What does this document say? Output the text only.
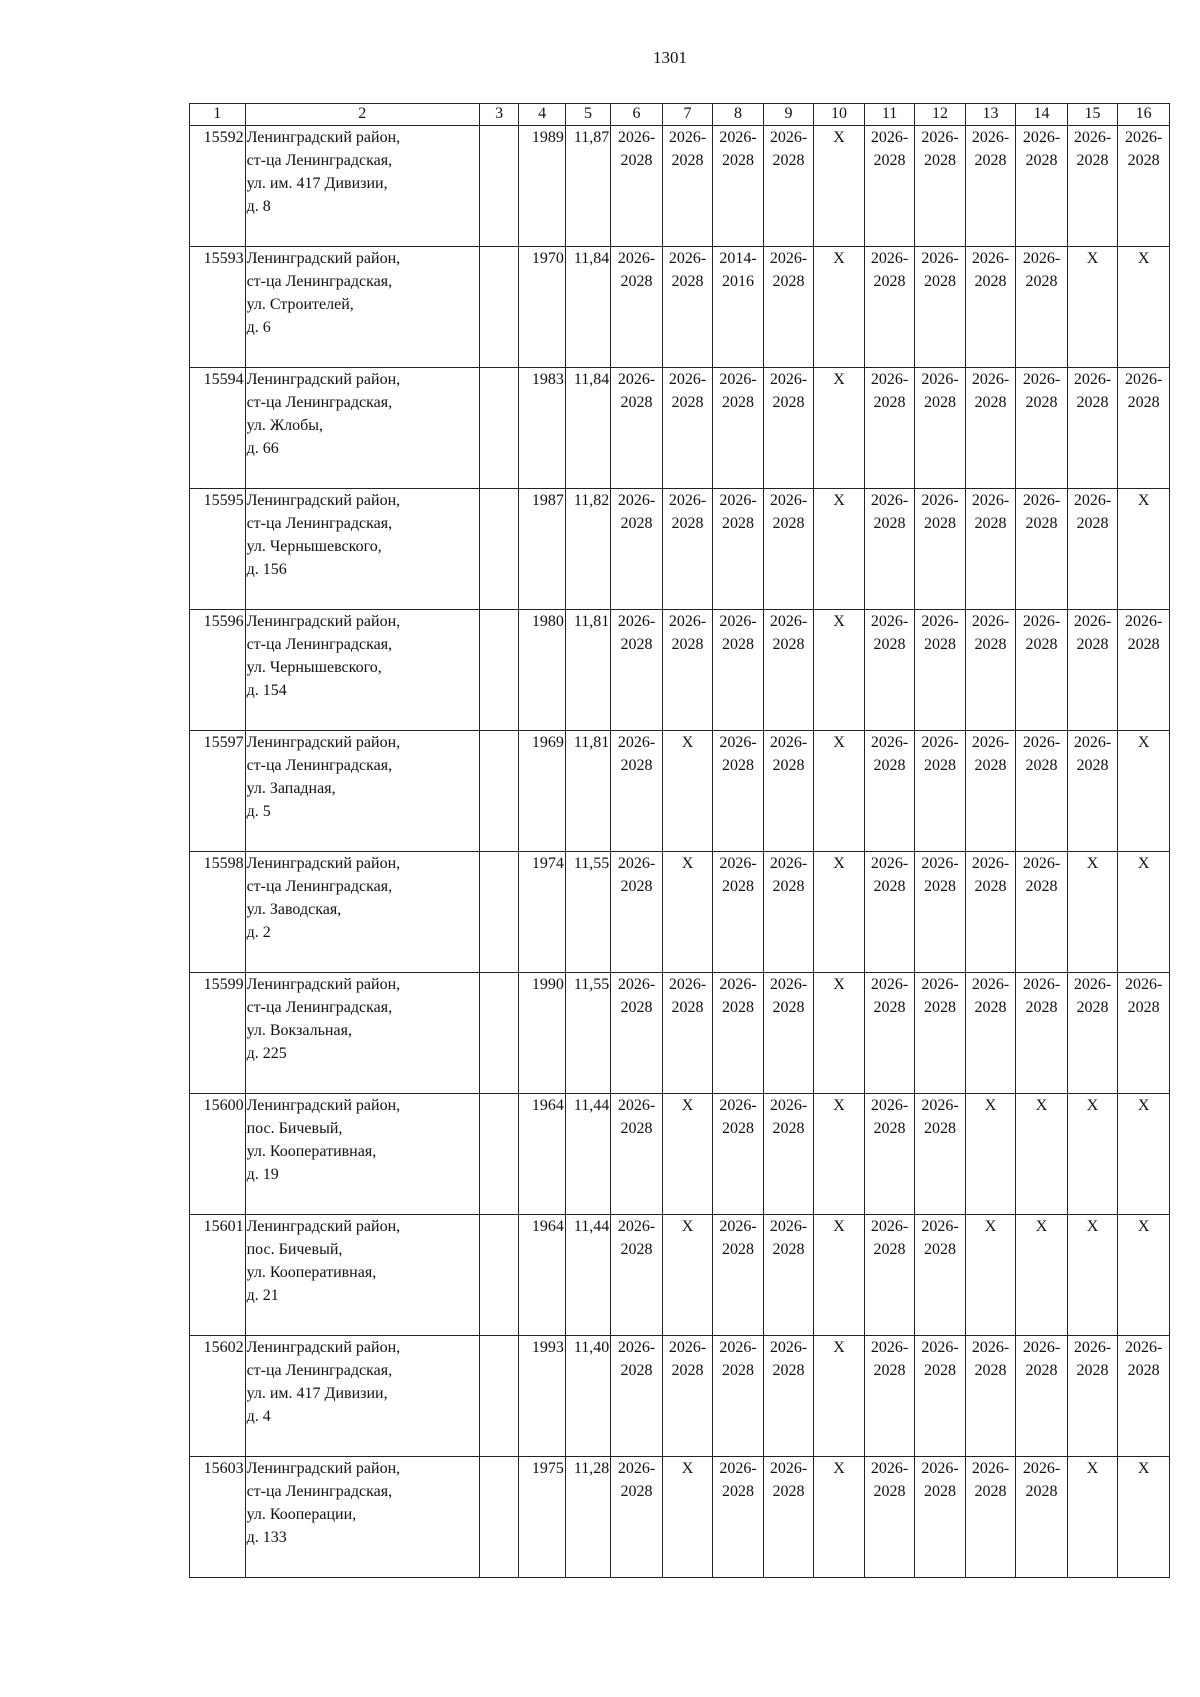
1301
1	2	3	4	5	6	7	8	9	10	11	12	13	14	15	16
15592	Ленинградский район,
ст-ца Ленинградская,
ул. им. 417 Дивизии,
д. 8		1989	11,87	2026-
2028	2026-
2028	2026-
2028	2026-
2028	Х	2026-
2028	2026-
2028	2026-
2028	2026-
2028	2026-
2028	2026-
2028

15593	Ленинградский район,
ст-ца Ленинградская,
ул. Строителей,
д. 6		1970	11,84	2026-
2028	2026-
2028	2014-
2016	2026-
2028	Х	2026-
2028	2026-
2028	2026-
2028	2026-
2028	Х	Х

15594	Ленинградский район,
ст-ца Ленинградская,
ул. Жлобы,
д. 66		1983	11,84	2026-
2028	2026-
2028	2026-
2028	2026-
2028	Х	2026-
2028	2026-
2028	2026-
2028	2026-
2028	2026-
2028	2026-
2028

15595	Ленинградский район,
ст-ца Ленинградская,
ул. Чернышевского,
д. 156		1987	11,82	2026-
2028	2026-
2028	2026-
2028	2026-
2028	Х	2026-
2028	2026-
2028	2026-
2028	2026-
2028	2026-
2028	Х

15596	Ленинградский район,
ст-ца Ленинградская,
ул. Чернышевского,
д. 154		1980	11,81	2026-
2028	2026-
2028	2026-
2028	2026-
2028	Х	2026-
2028	2026-
2028	2026-
2028	2026-
2028	2026-
2028	2026-
2028

15597	Ленинградский район,
ст-ца Ленинградская,
ул. Западная,
д. 5		1969	11,81	2026-
2028	Х	2026-
2028	2026-
2028	Х	2026-
2028	2026-
2028	2026-
2028	2026-
2028	2026-
2028	Х

15598	Ленинградский район,
ст-ца Ленинградская,
ул. Заводская,
д. 2		1974	11,55	2026-
2028	Х	2026-
2028	2026-
2028	Х	2026-
2028	2026-
2028	2026-
2028	2026-
2028	Х	Х

15599	Ленинградский район,
ст-ца Ленинградская,
ул. Вокзальная,
д. 225		1990	11,55	2026-
2028	2026-
2028	2026-
2028	2026-
2028	Х	2026-
2028	2026-
2028	2026-
2028	2026-
2028	2026-
2028	2026-
2028

15600	Ленинградский район,
пос. Бичевый,
ул. Кооперативная,
д. 19		1964	11,44	2026-
2028	Х	2026-
2028	2026-
2028	Х	2026-
2028	2026-
2028	Х	Х	Х	Х

15601	Ленинградский район,
пос. Бичевый,
ул. Кооперативная,
д. 21		1964	11,44	2026-
2028	Х	2026-
2028	2026-
2028	Х	2026-
2028	2026-
2028	Х	Х	Х	Х

15602	Ленинградский район,
ст-ца Ленинградская,
ул. им. 417 Дивизии,
д. 4		1993	11,40	2026-
2028	2026-
2028	2026-
2028	2026-
2028	Х	2026-
2028	2026-
2028	2026-
2028	2026-
2028	2026-
2028	2026-
2028

15603	Ленинградский район,
ст-ца Ленинградская,
ул. Кооперации,
д. 133		1975	11,28	2026-
2028	Х	2026-
2028	2026-
2028	Х	2026-
2028	2026-
2028	2026-
2028	2026-
2028	Х	Х
